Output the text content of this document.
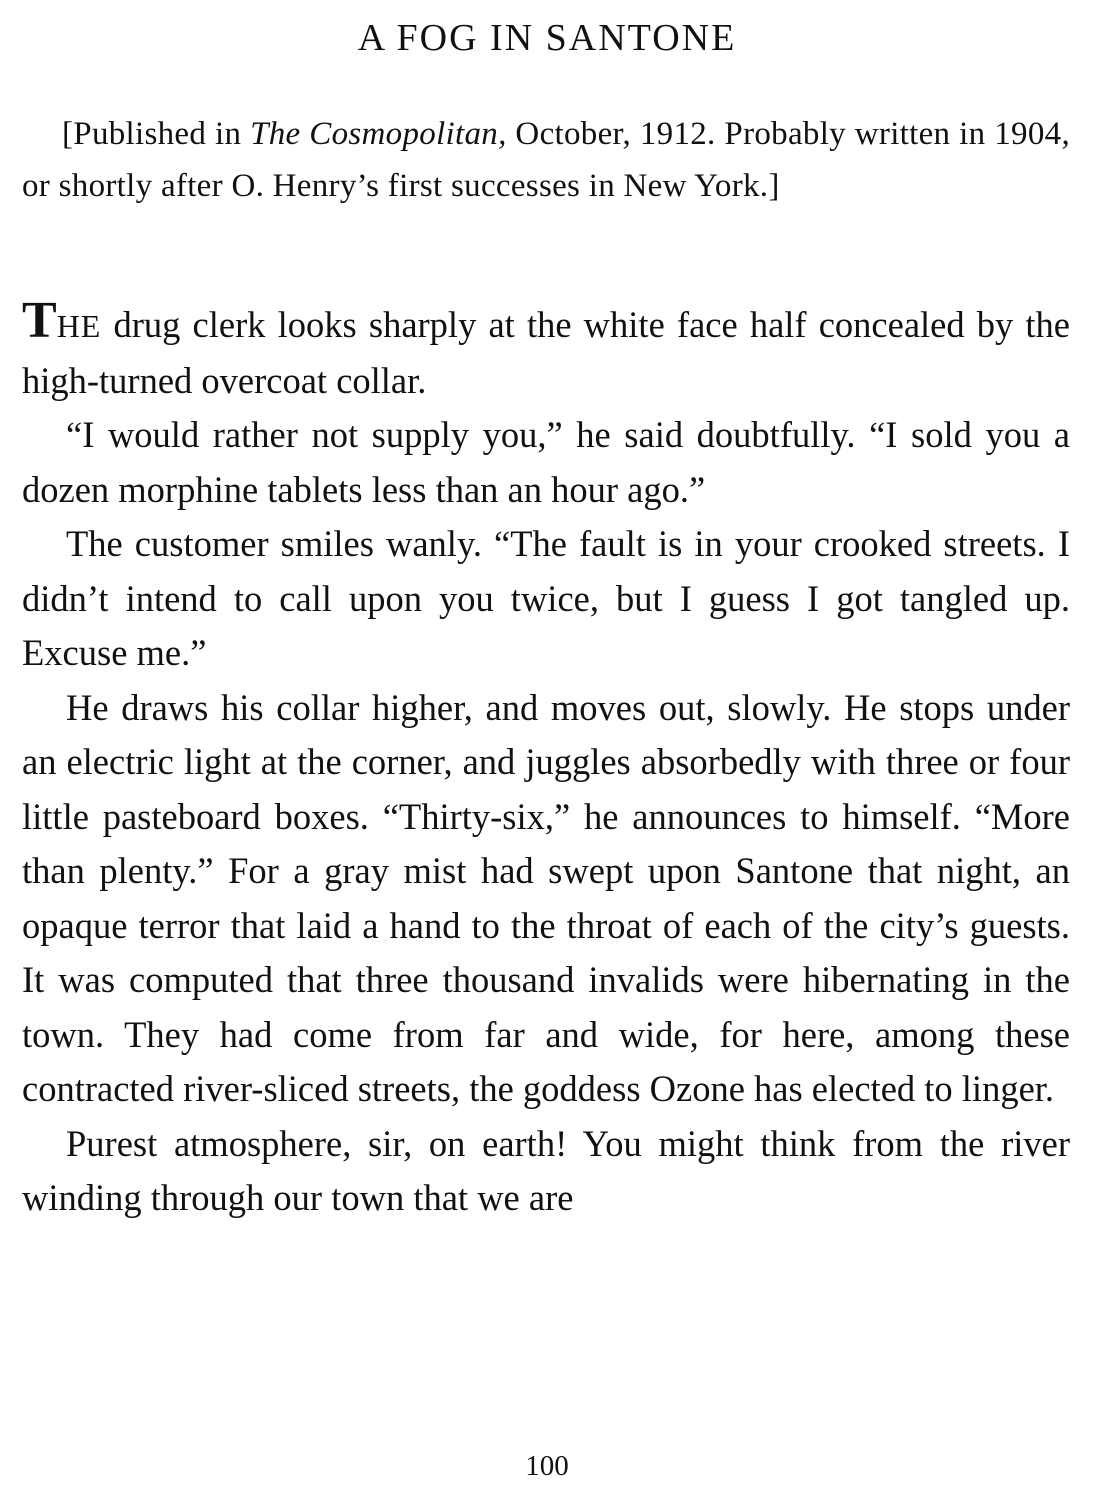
A FOG IN SANTONE

[Published in The Cosmopolitan, October, 1912. Probably written in 1904, or shortly after O. Henry’s first successes in New York.]

THE drug clerk looks sharply at the white face half concealed by the high-turned overcoat collar.

“I would rather not supply you,” he said doubtfully. “I sold you a dozen morphine tablets less than an hour ago.”

The customer smiles wanly. “The fault is in your crooked streets. I didn’t intend to call upon you twice, but I guess I got tangled up. Excuse me.”

He draws his collar higher, and moves out, slowly. He stops under an electric light at the corner, and juggles absorbedly with three or four little pasteboard boxes. “Thirty-six,” he announces to himself. “More than plenty.” For a gray mist had swept upon Santone that night, an opaque terror that laid a hand to the throat of each of the city’s guests. It was computed that three thousand invalids were hibernating in the town. They had come from far and wide, for here, among these contracted river-sliced streets, the goddess Ozone has elected to linger.

Purest atmosphere, sir, on earth! You might think from the river winding through our town that we are

100
